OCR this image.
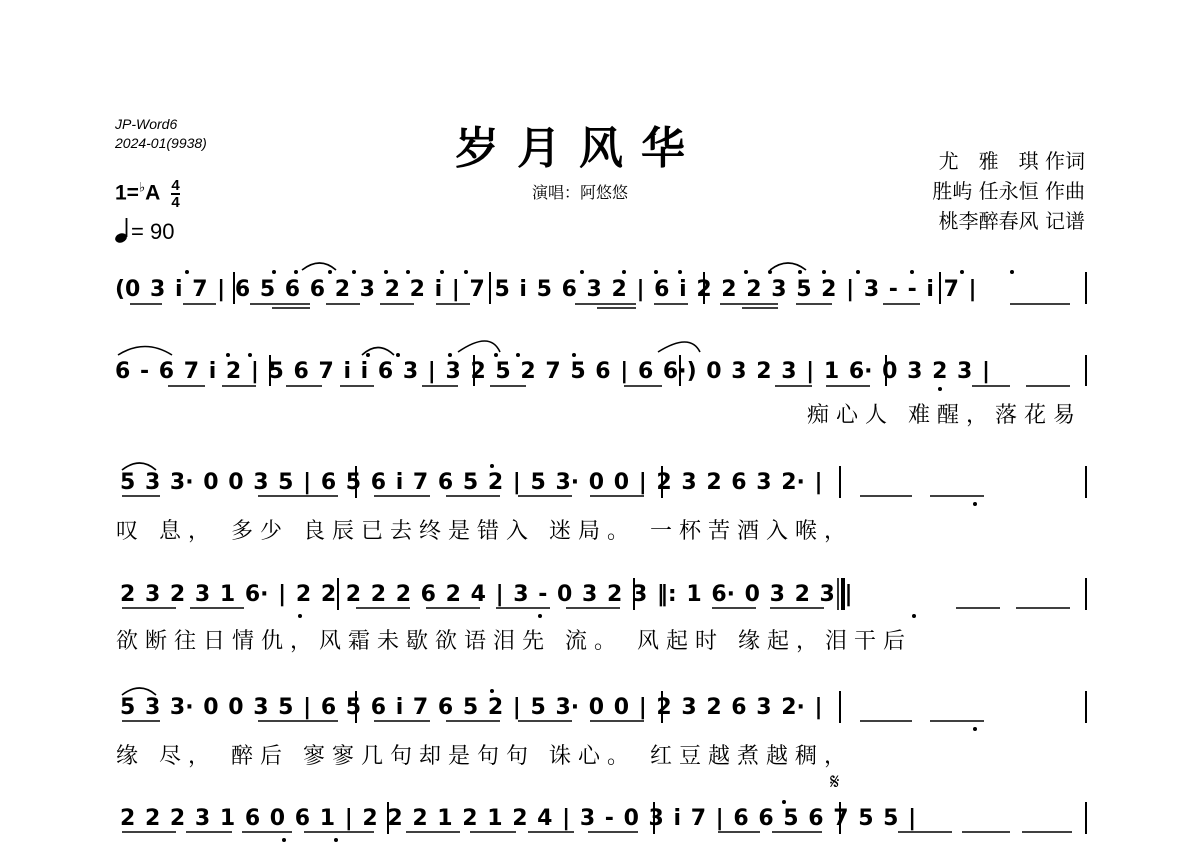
JP-Word6
2024-01(9938)	岁月风华
演唱：阿悠悠
尤　雅　琪 作词
胜屿 任永恒 作曲
桃李醉春风 记谱
$1=^♭A \frac{4}{4}$
= 90
(0 3 i 7 | 6 5 6 6 2 3 2 2 i | 7 5 i 5 6 3 2 | 6 i 2 2 2 3 5 2 | 3 - - i 7 |
6 - 6 7 i 2 | 5 6 7 i i 6 3 | 3 2 5 2 7 5 6 | 6 6·) 0 3 2 3 | 1 6· 0 3 2 3 |
痴心人 难醒，落花易
5 3 3· 0 0 3 5 | 6 5 6 i 7 6 5 2 | 5 3· 0 0 | 2 3 2 6 3 2· |
叹 息， 多少 良辰已去终是错入 迷局。 一杯苦酒入喉，
2 3 2 3 1 6· | 2 2 2 2 2 6 2 4 | 3 - 0 3 2 3 ‖: 1 6· 0 3 2 3 |
欲断往日情仇，风霜未歇欲语泪先 流。 风起时 缘起，泪干后
5 3 3· 0 0 3 5 | 6 5 6 i 7 6 5 2 | 5 3· 0 0 | 2 3 2 6 3 2· |
缘 尽， 醉后 寥寥几句却是句句 诛心。 红豆越煮越稠，
𝄋
2 2 2 3 1 6 0 6 1 | 2 2 2 1 2 1 2 4 | 3 - 0 3 i 7 | 6 6 5 6 7 5 5 |
